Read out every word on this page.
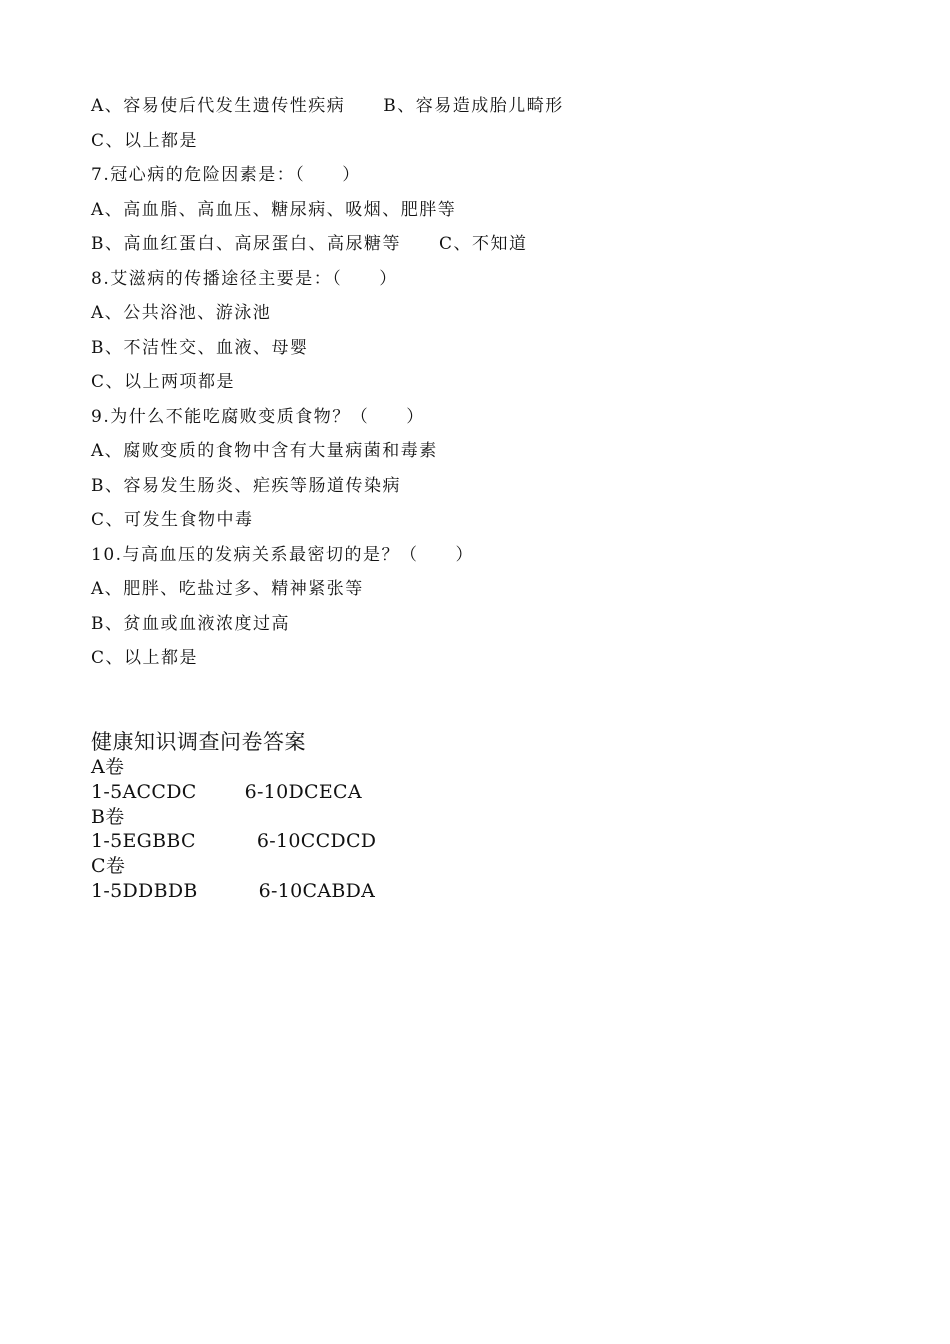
A、容易使后代发生遗传性疾病 B、容易造成胎儿畸形
C、以上都是
7.冠心病的危险因素是：（　　）
A、高血脂、高血压、糖尿病、吸烟、肥胖等
B、高血红蛋白、高尿蛋白、高尿糖等 C、不知道
8.艾滋病的传播途径主要是：（　　）
A、公共浴池、游泳池
B、不洁性交、血液、母婴
C、以上两项都是
9.为什么不能吃腐败变质食物？（　　）
A、腐败变质的食物中含有大量病菌和毒素
B、容易发生肠炎、疟疾等肠道传染病
C、可发生食物中毒
10.与高血压的发病关系最密切的是？（　　）
A、肥胖、吃盐过多、精神紧张等
B、贫血或血液浓度过高
C、以上都是
健康知识调查问卷答案
A卷
1-5ACCDC	6-10DCECA
B卷
1-5EGBBC	6-10CCDCD
C卷
1-5DDBDB	6-10CABDA
